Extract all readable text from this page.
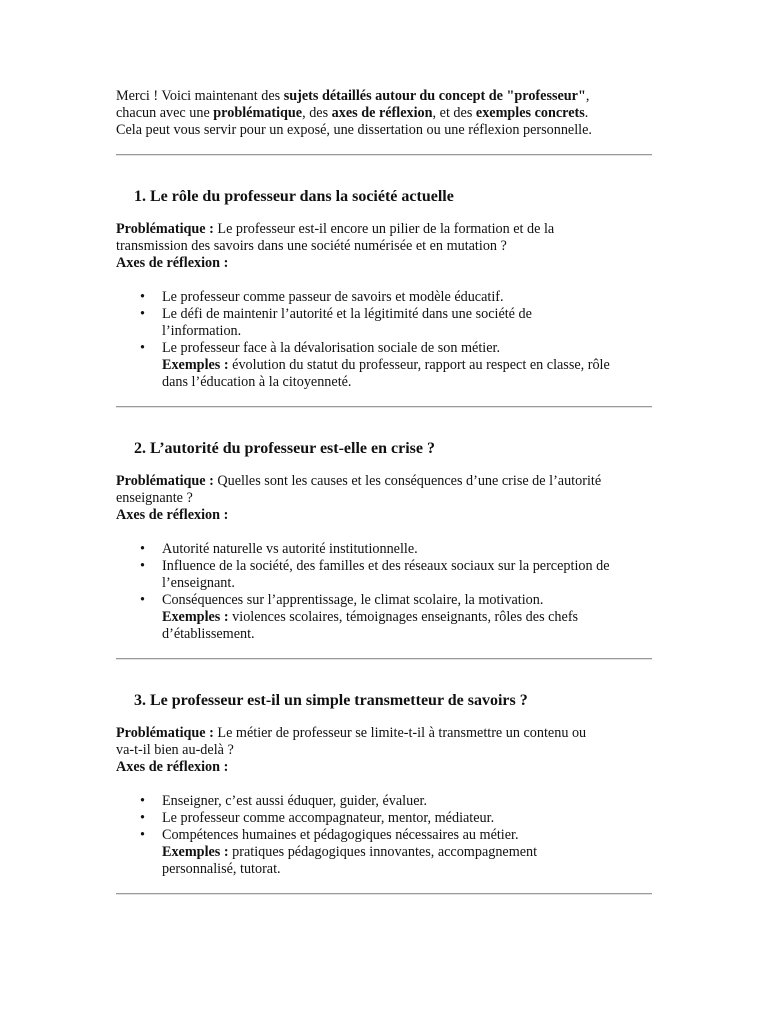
Merci ! Voici maintenant des sujets détaillés autour du concept de "professeur",

chacun avec une problématique, des axes de réflexion, et des exemples concrets.

Cela peut vous servir pour un exposé, une dissertation ou une réflexion personnelle.

1. Le rôle du professeur dans la société actuelle

Problématique : Le professeur est-il encore un pilier de la formation et de la

transmission des savoirs dans une société numérisée et en mutation ?

Axes de réflexion :

• Le professeur comme passeur de savoirs et modèle éducatif.
• Le défi de maintenir l’autorité et la légitimité dans une société de
l’information.
• Le professeur face à la dévalorisation sociale de son métier.
Exemples : évolution du statut du professeur, rapport au respect en classe, rôle
dans l’éducation à la citoyenneté.
2. L’autorité du professeur est-elle en crise ?

Problématique : Quelles sont les causes et les conséquences d’une crise de l’autorité

enseignante ?

Axes de réflexion :

• Autorité naturelle vs autorité institutionnelle.
• Influence de la société, des familles et des réseaux sociaux sur la perception de
l’enseignant.
• Conséquences sur l’apprentissage, le climat scolaire, la motivation.
Exemples : violences scolaires, témoignages enseignants, rôles des chefs
d’établissement.
3. Le professeur est-il un simple transmetteur de savoirs ?

Problématique : Le métier de professeur se limite-t-il à transmettre un contenu ou

va-t-il bien au-delà ?

Axes de réflexion :

• Enseigner, c’est aussi éduquer, guider, évaluer.
• Le professeur comme accompagnateur, mentor, médiateur.
• Compétences humaines et pédagogiques nécessaires au métier.
Exemples : pratiques pédagogiques innovantes, accompagnement
personnalisé, tutorat.
